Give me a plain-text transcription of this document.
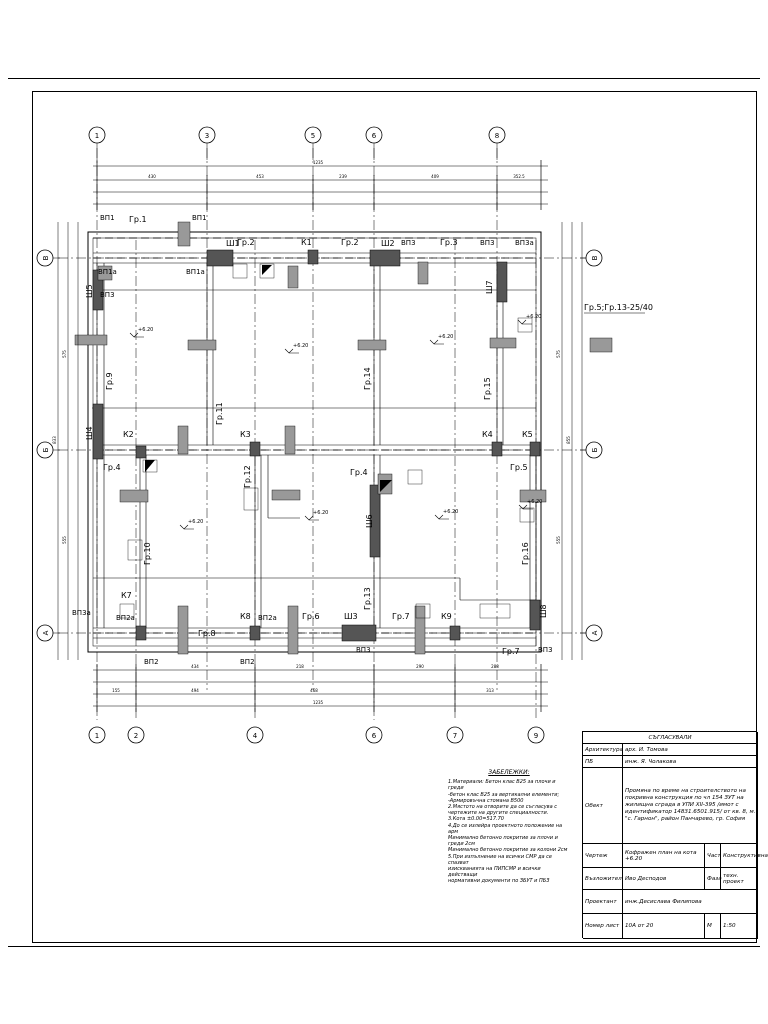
1	3	5	6	8
1	2	4	6	7	9
В
Б
А
В
Б
А
1235
430	453	239	409	352.5
1235
155	494	468	313
434	218	290	288
833
575
555
855
575
555
Гр.1
Гр.2	Гр.2	Гр.3
Гр.4
Гр.4
Гр.5
Гр.6	Гр.7
Гр.7
Гр.8
Гр.9
Гр.10
Гр.11
Гр.12
Гр.13
Гр.14	Гр.15
Гр.16
ВП1	ВП1
ВП1а	ВП1а
ВП2	ВП2
ВП2а	ВП2а
ВП3
ВП3	ВП3	ВП3а
ВП3а
ВП3	ВП3
К1
К2	К3	К4	К5
К7
К8	К9
Ш1	Ш2
Ш3
Ш4
Ш5
Ш6
Ш7
Ш8
+6.20
+6.20
+6.20
+6.20
+6.20
+6.20	+6.20
+6.20
Гр.5;Гр.13-25/40
ЗАБЕЛЕЖКИ:
1.Материали: Бетон клас В25 за плочи и греди
-бетон клас В25 за вертикални елементи;
-Армировъчна стомана В500
2.Мястото на отворите да се съгласува с
чертежите на другите специалности.
3.Кота ±0.00=517.70
4.До се излейра проектното положение на арм
Минимално бетонно покритие за плочи и греди 2см
Минимално бетонно покритие за колони 2см
5.При изпълнение на всички СМР да се спазват
изискванията на ПИПСМР и всички действащи
нормативни документи по ЗБУТ и ПБЗ
СЪГЛАСУВАЛИ
Архитектура арх. И. Томова
ПБ	инж. Я. Чолакова
Обект
Промяна по време на строителството на покривна конструкция по чл 154 ЗУТ на жилищна сграда в УПИ XII-395 /имот с идентификатор 14831.6501.915/ от кв. 8, м. "с. Гарнон", район Панчарево, гр. София
Чертеж	Кофражен план на кота +6.20	Част Конструктивна
Възложител Иво Десподов	Фаза техн. проект
Проектант	инж.Десислава Филипова
Номер лист	10А от 20	М	1:50
